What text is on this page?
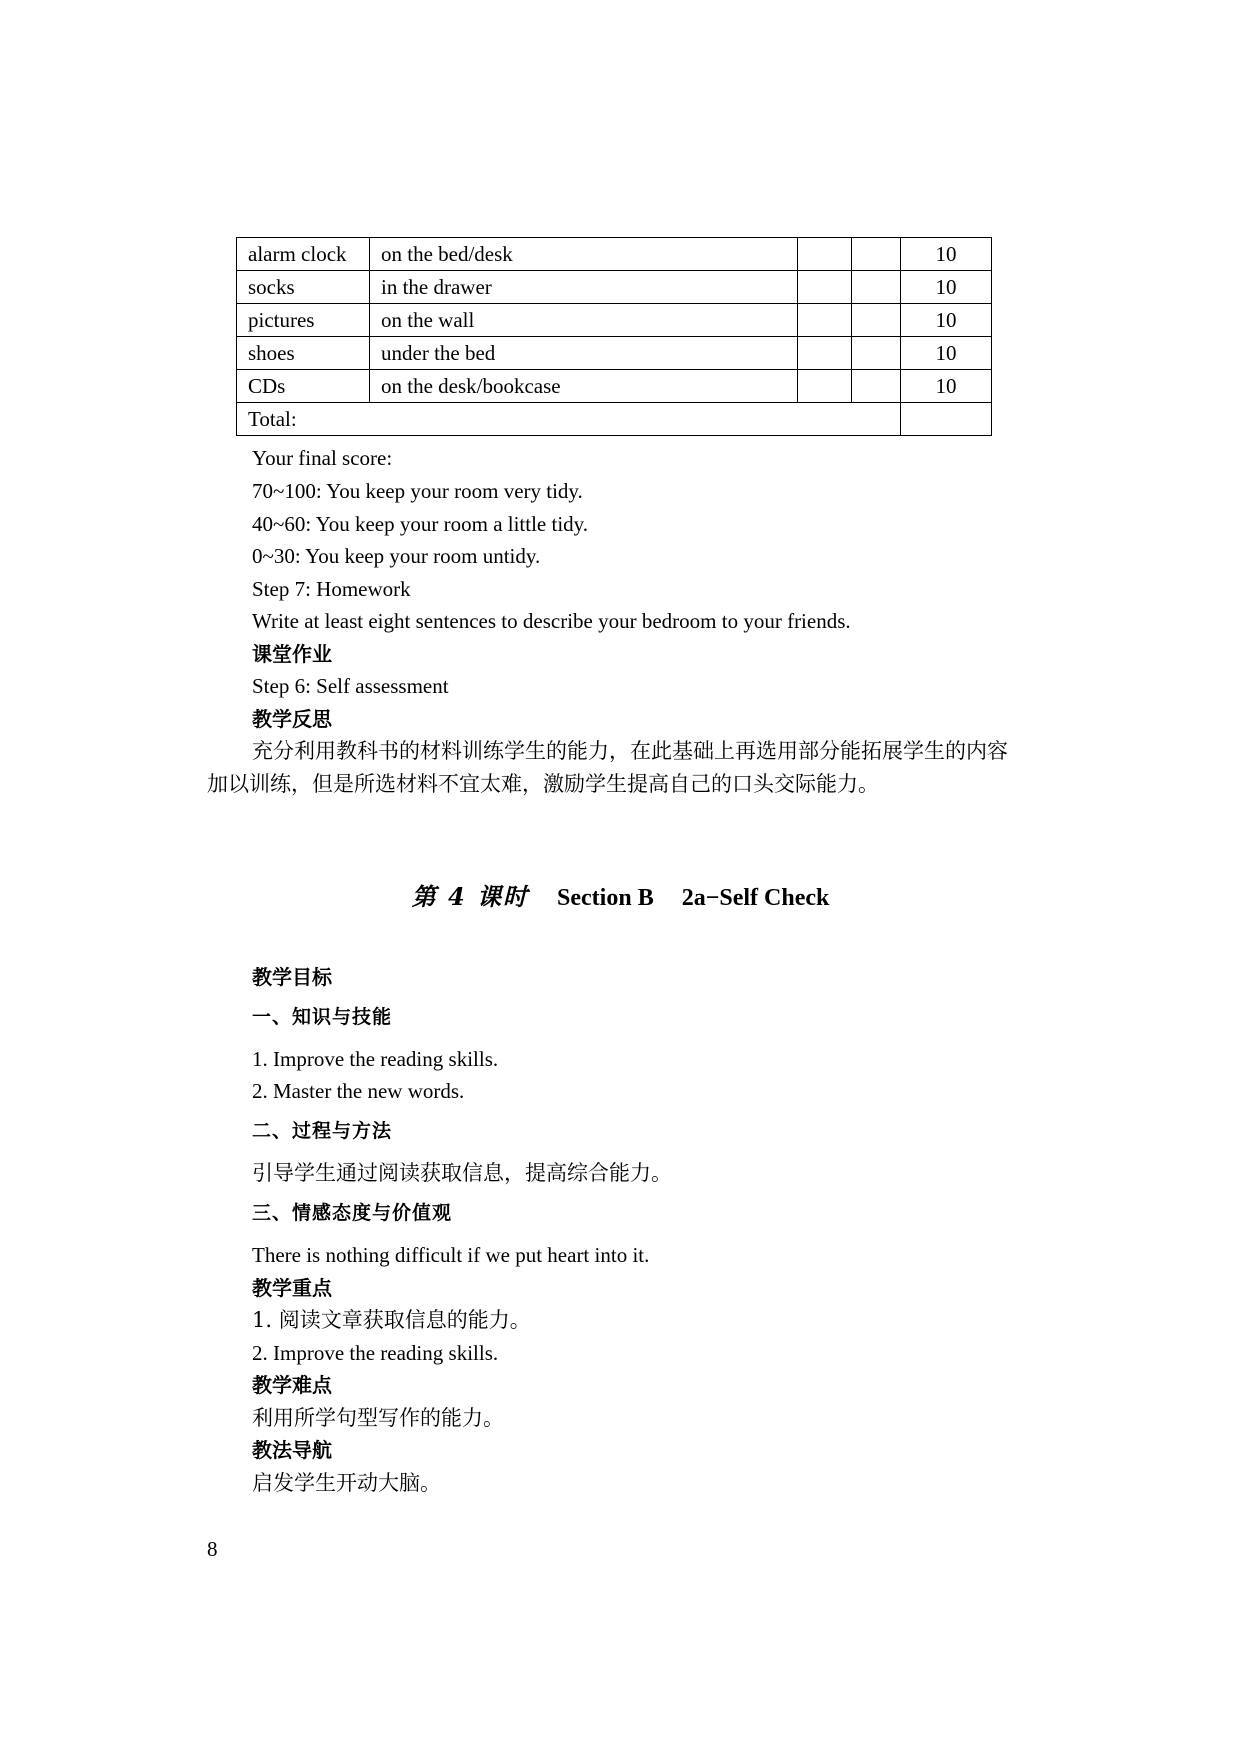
alarm clock	on the bed/desk			10
socks	in the drawer			10
pictures	on the wall			10
shoes	under the bed			10
CDs	on the desk/bookcase			10
Total:				
Your final score:
70~100: You keep your room very tidy.
40~60: You keep your room a little tidy.
0~30: You keep your room untidy.
Step 7: Homework
Write at least eight sentences to describe your bedroom to your friends.
课堂作业
Step 6: Self assessment
教学反思
充分利用教科书的材料训练学生的能力，在此基础上再选用部分能拓展学生的内容
加以训练，但是所选材料不宜太难，激励学生提高自己的口头交际能力。
第 4 课时 Section B 2a−Self Check
教学目标
一、知识与技能
1. Improve the reading skills.
2. Master the new words.
二、过程与方法
引导学生通过阅读获取信息，提高综合能力。
三、情感态度与价值观
There is nothing difficult if we put heart into it.
教学重点
1. 阅读文章获取信息的能力。
2. Improve the reading skills.
教学难点
利用所学句型写作的能力。
教法导航
启发学生开动大脑。
8
